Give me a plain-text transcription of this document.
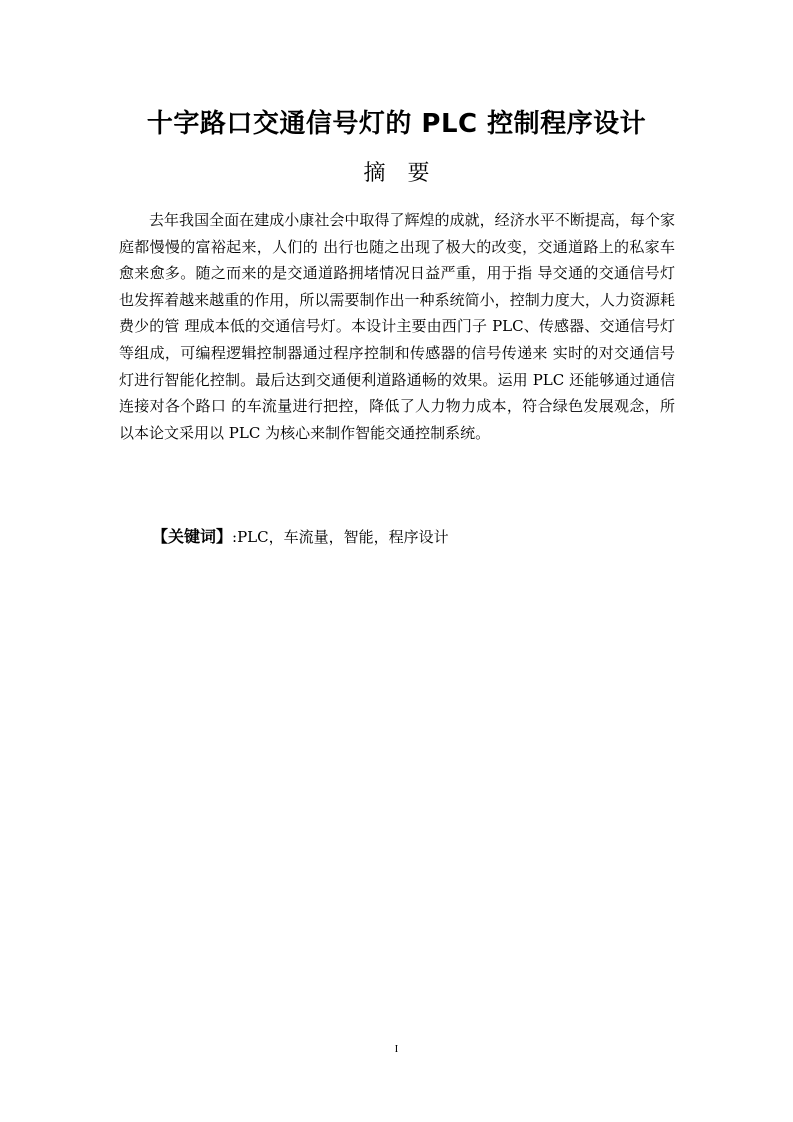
十字路口交通信号灯的 PLC 控制程序设计
摘 要

去年我国全面在建成小康社会中取得了辉煌的成就，经济水平不断提高，每个家庭都慢慢的富裕起来，人们的 出行也随之出现了极大的改变，交通道路上的私家车愈来愈多。随之而来的是交通道路拥堵情况日益严重，用于指 导交通的交通信号灯也发挥着越来越重的作用，所以需要制作出一种系统简小，控制力度大，人力资源耗费少的管 理成本低的交通信号灯。本设计主要由西门子 PLC、传感器、交通信号灯等组成，可编程逻辑控制器通过程序控制和传感器的信号传递来 实时的对交通信号灯进行智能化控制。最后达到交通便利道路通畅的效果。运用 PLC 还能够通过通信连接对各个路口 的车流量进行把控，降低了人力物力成本，符合绿色发展观念，所以本论文采用以 PLC 为核心来制作智能交通控制系统。

【关键词】:PLC，车流量，智能，程序设计
I
